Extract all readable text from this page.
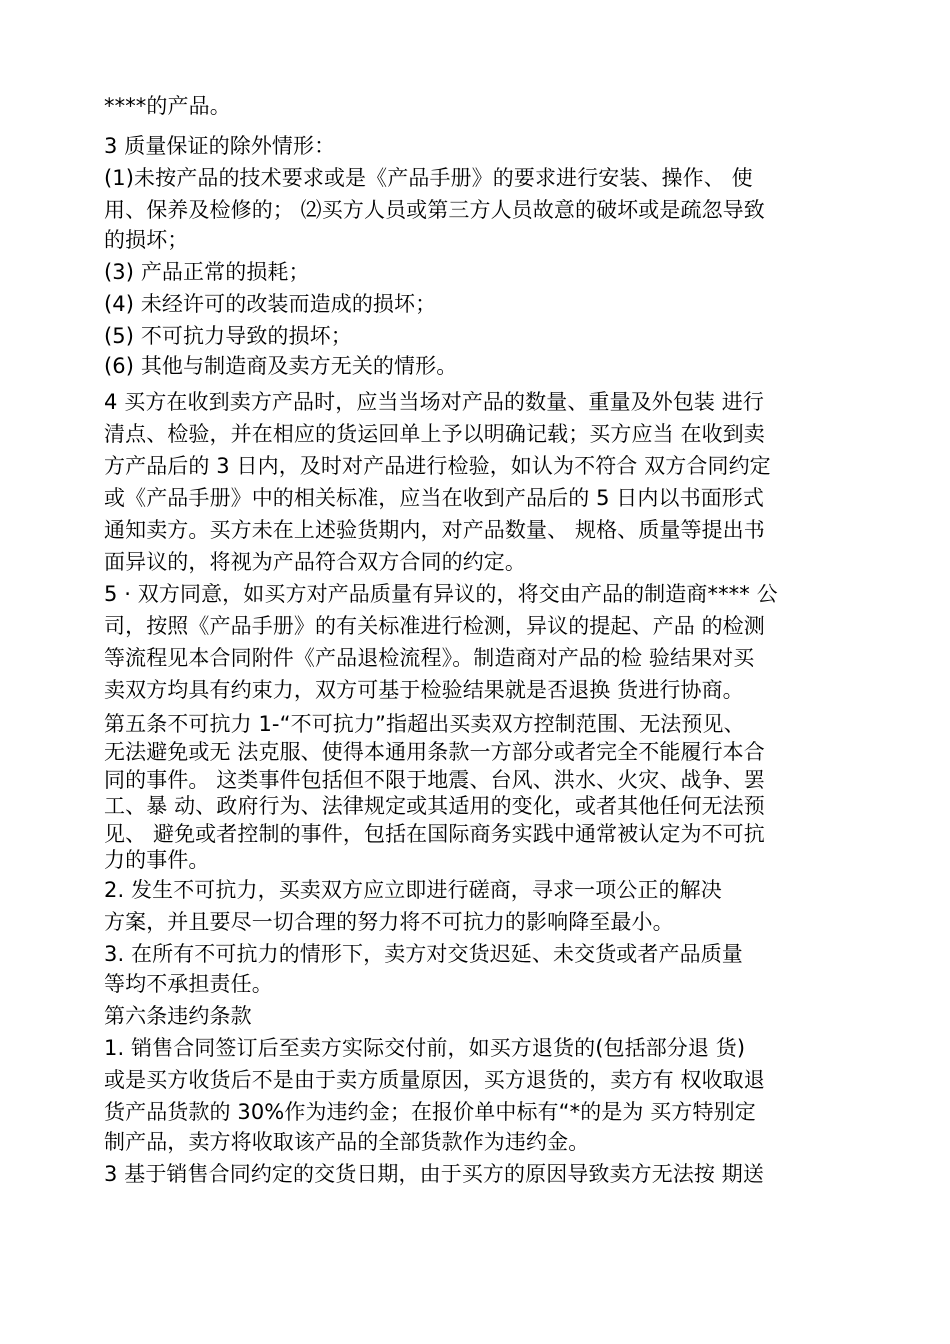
****的产品。
3 质量保证的除外情形：
(1)未按产品的技术要求或是《产品手册》的要求进行安装、操作、 使
用、保养及检修的； ⑵买方人员或第三方人员故意的破坏或是疏忽导致
的损坏；
(3) 产品正常的损耗；
(4) 未经许可的改装而造成的损坏；
(5) 不可抗力导致的损坏；
(6) 其他与制造商及卖方无关的情形。
4 买方在收到卖方产品时，应当当场对产品的数量、重量及外包装 进行
清点、检验，并在相应的货运回单上予以明确记载；买方应当 在收到卖
方产品后的 3 日内，及时对产品进行检验，如认为不符合 双方合同约定
或《产品手册》中的相关标准，应当在收到产品后的 5 日内以书面形式
通知卖方。买方未在上述验货期内，对产品数量、 规格、质量等提出书
面异议的，将视为产品符合双方合同的约定。
5 · 双方同意，如买方对产品质量有异议的，将交由产品的制造商**** 公
司，按照《产品手册》的有关标准进行检测，异议的提起、产品 的检测
等流程见本合同附件《产品退检流程》。制造商对产品的检 验结果对买
卖双方均具有约束力，双方可基于检验结果就是否退换 货进行协商。
第五条不可抗力 1-“不可抗力”指超出买卖双方控制范围、无法预见、
无法避免或无 法克服、使得本通用条款一方部分或者完全不能履行本合
同的事件。 这类事件包括但不限于地震、台风、洪水、火灾、战争、罢
工、暴 动、政府行为、法律规定或其适用的变化，或者其他任何无法预
见、 避免或者控制的事件，包括在国际商务实践中通常被认定为不可抗
力的事件。
2. 发生不可抗力，买卖双方应立即进行磋商，寻求一项公正的解决
方案，并且要尽一切合理的努力将不可抗力的影响降至最小。
3. 在所有不可抗力的情形下，卖方对交货迟延、未交货或者产品质量
等均不承担责任。
第六条违约条款
1. 销售合同签订后至卖方实际交付前，如买方退货的(包括部分退 货)
或是买方收货后不是由于卖方质量原因，买方退货的，卖方有 权收取退
货产品货款的 30%作为违约金；在报价单中标有“*的是为 买方特别定
制产品，卖方将收取该产品的全部货款作为违约金。
3 基于销售合同约定的交货日期，由于买方的原因导致卖方无法按 期送
